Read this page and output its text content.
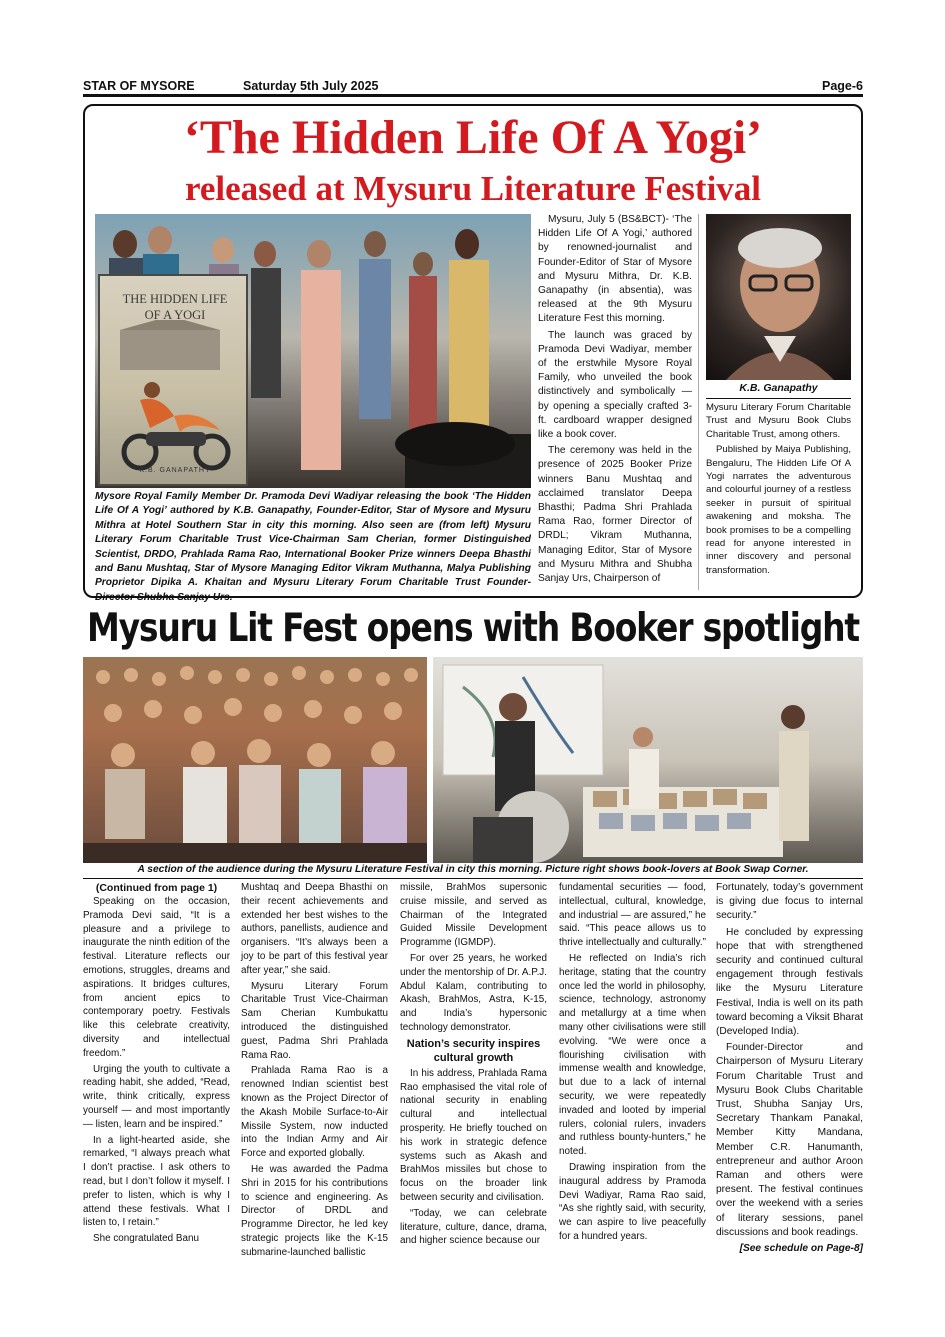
STAR OF MYSORE	Saturday 5th July 2025	Page-6
‘The Hidden Life Of A Yogi’
released at Mysuru Literature Festival
THE HIDDEN LIFE
OF A YOGI
K.B. GANAPATHY
Mysore Royal Family Member Dr. Pramoda Devi Wadiyar releasing the book ‘The Hidden Life Of A Yogi’ authored by K.B. Ganapathy, Founder-Editor, Star of Mysore and Mysuru Mithra at Hotel Southern Star in city this morning. Also seen are (from left) Mysuru Literary Forum Charitable Trust Vice-Chairman Sam Cherian, former Distinguished Scientist, DRDO, Prahlada Rama Rao, International Booker Prize winners Deepa Bhasthi and Banu Mushtaq, Star of Mysore Managing Editor Vikram Muthanna, Malya Publishing Proprietor Dipika A. Khaitan and Mysuru Literary Forum Charitable Trust Founder-Director Shubha Sanjay Urs.

Mysuru, July 5 (BS&BCT)- ‘The Hidden Life Of A Yogi,’ authored by renowned-journalist and Founder-Editor of Star of Mysore and Mysuru Mithra, Dr. K.B. Ganapathy (in absentia), was released at the 9th Mysuru Literature Fest this morning.

The launch was graced by Pramoda Devi Wadiyar, member of the erstwhile Mysore Royal Family, who unveiled the book distinctively and symbolically — by opening a specially crafted 3-ft. cardboard wrapper designed like a book cover.

The ceremony was held in the presence of 2025 Booker Prize winners Banu Mushtaq and acclaimed translator Deepa Bhasthi; Padma Shri Prahlada Rama Rao, former Director of DRDL; Vikram Muthanna, Managing Editor, Star of Mysore and Mysuru Mithra and Shubha Sanjay Urs, Chairperson of

K.B. Ganapathy

Mysuru Literary Forum Charitable Trust and Mysuru Book Clubs Charitable Trust, among others.

Published by Maiya Publishing, Bengaluru, The Hidden Life Of A Yogi narrates the adventurous and colourful journey of a restless seeker in pursuit of spiritual awakening and moksha. The book promises to be a compelling read for anyone interested in inner discovery and personal transformation.

Mysuru Lit Fest opens with Booker spotlight
A section of the audience during the Mysuru Literature Festival in city this morning. Picture right shows book-lovers at Book Swap Corner.
(Continued from page 1)

Speaking on the occasion, Pramoda Devi said, “It is a pleasure and a privilege to inaugurate the ninth edition of the festival. Literature reflects our emotions, struggles, dreams and aspirations. It bridges cultures, from ancient epics to contemporary poetry. Festivals like this celebrate creativity, diversity and intellectual freedom.”

Urging the youth to cultivate a reading habit, she added, “Read, write, think critically, express yourself — and most importantly — listen, learn and be inspired.”

In a light-hearted aside, she remarked, “I always preach what I don’t practise. I ask others to read, but I don’t follow it myself. I prefer to listen, which is why I attend these festivals. What I listen to, I retain.”

She congratulated Banu

Mushtaq and Deepa Bhasthi on their recent achievements and extended her best wishes to the authors, panellists, audience and organisers. “It’s always been a joy to be part of this festival year after year,” she said.

Mysuru Literary Forum Charitable Trust Vice-Chairman Sam Cherian Kumbukattu introduced the distinguished guest, Padma Shri Prahlada Rama Rao.

Prahlada Rama Rao is a renowned Indian scientist best known as the Project Director of the Akash Mobile Surface-to-Air Missile System, now inducted into the Indian Army and Air Force and exported globally.

He was awarded the Padma Shri in 2015 for his contributions to science and engineering. As Director of DRDL and Programme Director, he led key strategic projects like the K-15 submarine-launched ballistic

missile, BrahMos supersonic cruise missile, and served as Chairman of the Integrated Guided Missile Development Programme (IGMDP).

For over 25 years, he worked under the mentorship of Dr. A.P.J. Abdul Kalam, contributing to Akash, BrahMos, Astra, K-15, and India’s hypersonic technology demonstrator.

Nation’s security inspires cultural growth

In his address, Prahlada Rama Rao emphasised the vital role of national security in enabling cultural and intellectual prosperity. He briefly touched on his work in strategic defence systems such as Akash and BrahMos missiles but chose to focus on the broader link between security and civilisation.

“Today, we can celebrate literature, culture, dance, drama, and higher science because our

fundamental securities — food, intellectual, cultural, knowledge, and industrial — are assured,” he said. “This peace allows us to thrive intellectually and culturally.”

He reflected on India’s rich heritage, stating that the country once led the world in philosophy, science, technology, astronomy and metallurgy at a time when many other civilisations were still evolving. “We were once a flourishing civilisation with immense wealth and knowledge, but due to a lack of internal security, we were repeatedly invaded and looted by imperial rulers, colonial rulers, invaders and ruthless bounty-hunters,” he noted.

Drawing inspiration from the inaugural address by Pramoda Devi Wadiyar, Rama Rao said, “As she rightly said, with security, we can aspire to live peacefully for a hundred years.

Fortunately, today’s government is giving due focus to internal security.”

He concluded by expressing hope that with strengthened security and continued cultural engagement through festivals like the Mysuru Literature Festival, India is well on its path toward becoming a Viksit Bharat (Developed India).

Founder-Director and Chairperson of Mysuru Literary Forum Charitable Trust and Mysuru Book Clubs Charitable Trust, Shubha Sanjay Urs, Secretary Thankam Panakal, Member Kitty Mandana, Member C.R. Hanumanth, entrepreneur and author Aroon Raman and others were present. The festival continues over the weekend with a series of literary sessions, panel discussions and book readings.

[See schedule on Page-8]
